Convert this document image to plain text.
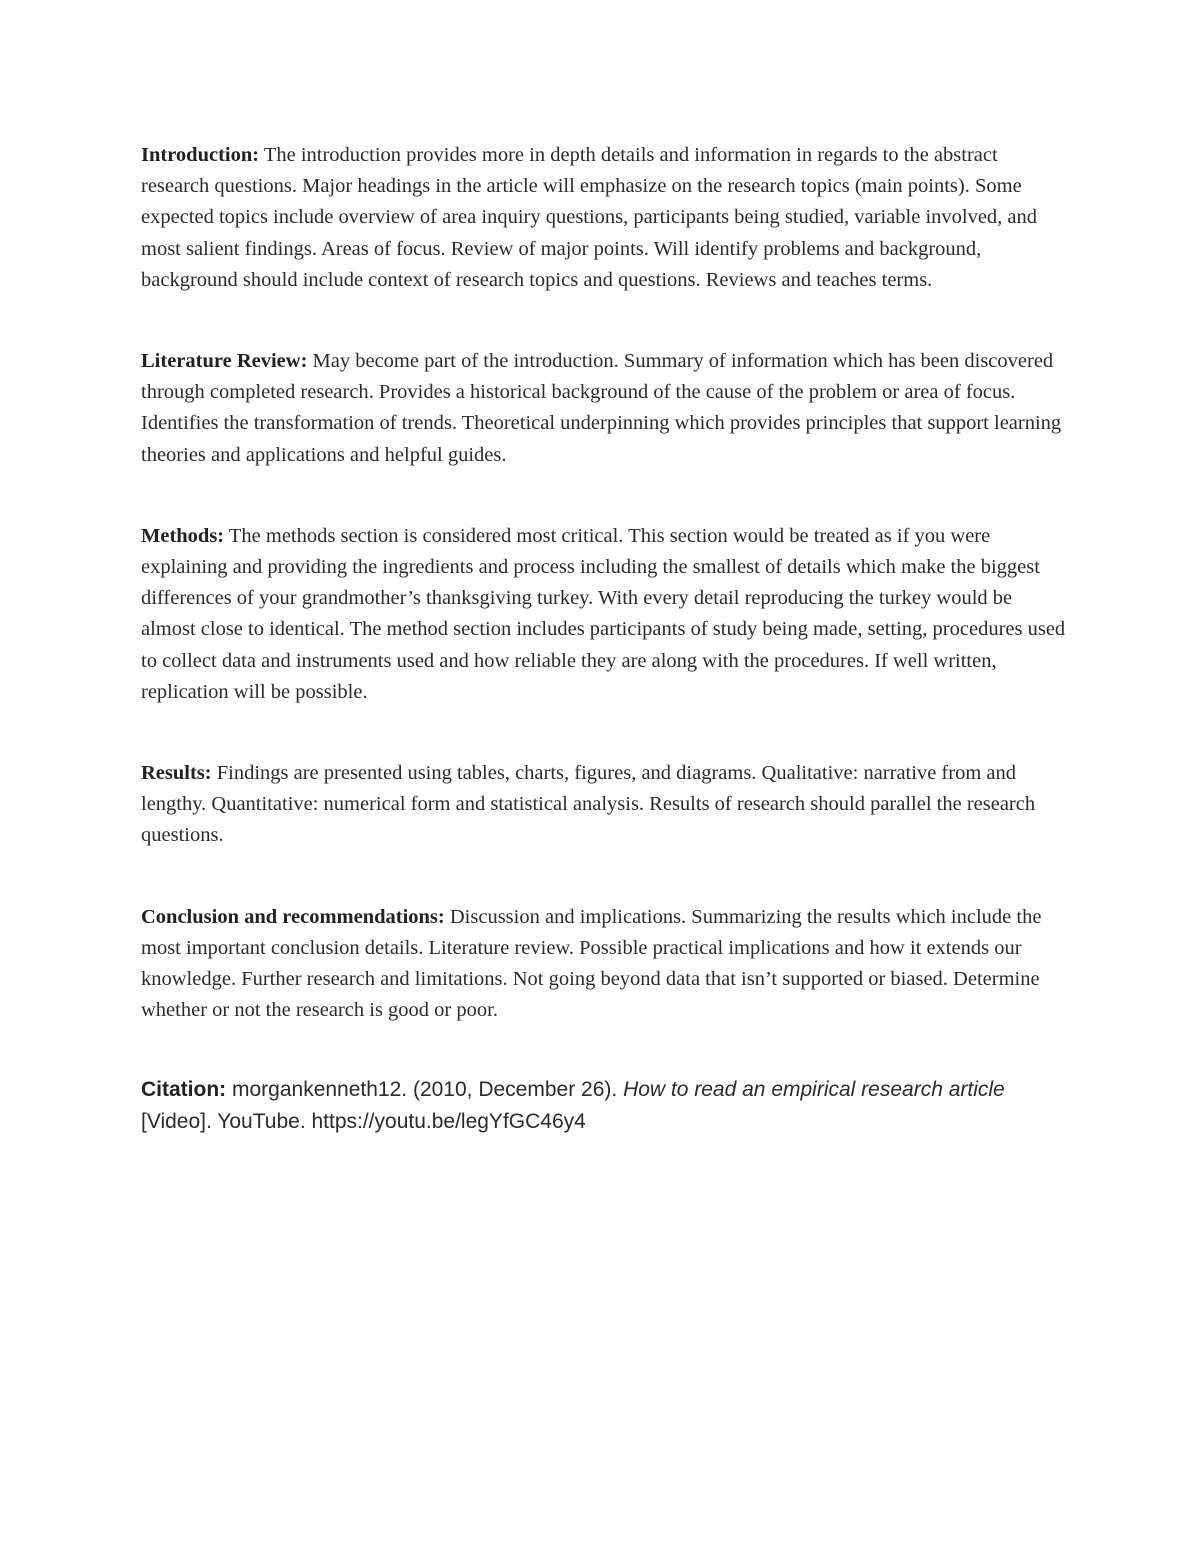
Introduction: The introduction provides more in depth details and information in regards to the abstract research questions. Major headings in the article will emphasize on the research topics (main points). Some expected topics include overview of area inquiry questions, participants being studied, variable involved, and most salient findings. Areas of focus. Review of major points. Will identify problems and background, background should include context of research topics and questions. Reviews and teaches terms.

Literature Review: May become part of the introduction. Summary of information which has been discovered through completed research. Provides a historical background of the cause of the problem or area of focus. Identifies the transformation of trends. Theoretical underpinning which provides principles that support learning theories and applications and helpful guides.

Methods: The methods section is considered most critical. This section would be treated as if you were explaining and providing the ingredients and process including the smallest of details which make the biggest differences of your grandmother’s thanksgiving turkey. With every detail reproducing the turkey would be almost close to identical. The method section includes participants of study being made, setting, procedures used to collect data and instruments used and how reliable they are along with the procedures. If well written, replication will be possible.

Results: Findings are presented using tables, charts, figures, and diagrams. Qualitative: narrative from and lengthy. Quantitative: numerical form and statistical analysis. Results of research should parallel the research questions.

Conclusion and recommendations: Discussion and implications. Summarizing the results which include the most important conclusion details. Literature review. Possible practical implications and how it extends our knowledge. Further research and limitations. Not going beyond data that isn’t supported or biased. Determine whether or not the research is good or poor.

Citation: morgankenneth12. (2010, December 26). How to read an empirical research article [Video]. YouTube. https://youtu.be/legYfGC46y4
